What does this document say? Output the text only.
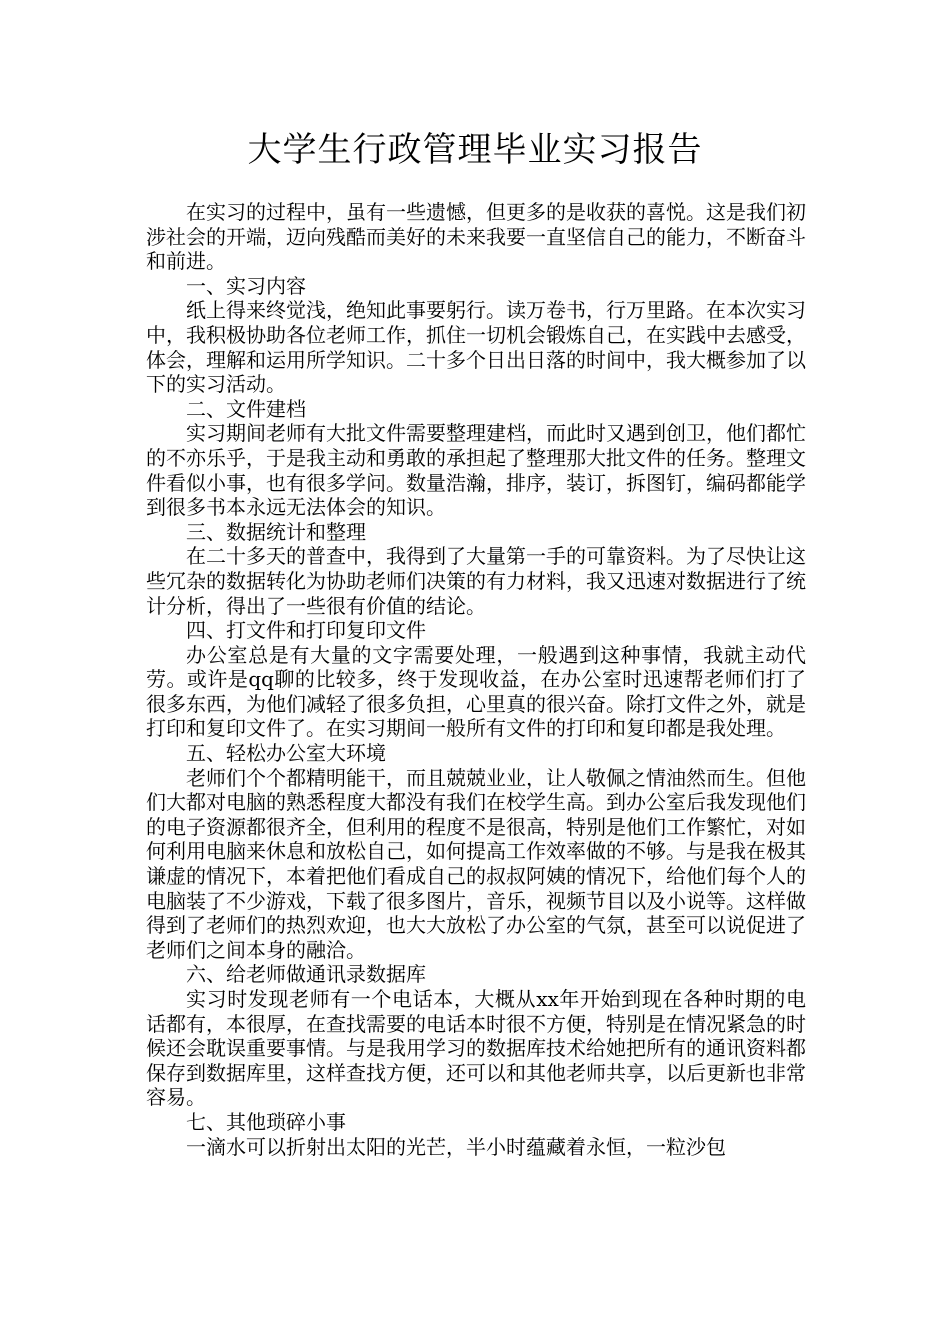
大学生行政管理毕业实习报告

在实习的过程中，虽有一些遗憾，但更多的是收获的喜悦。这是我们初涉社会的开端，迈向残酷而美好的未来我要一直坚信自己的能力，不断奋斗和前进。

一、实习内容

纸上得来终觉浅，绝知此事要躬行。读万卷书，行万里路。在本次实习中，我积极协助各位老师工作，抓住一切机会锻炼自己，在实践中去感受，体会，理解和运用所学知识。二十多个日出日落的时间中，我大概参加了以下的实习活动。

二、文件建档

实习期间老师有大批文件需要整理建档，而此时又遇到创卫，他们都忙的不亦乐乎，于是我主动和勇敢的承担起了整理那大批文件的任务。整理文件看似小事，也有很多学问。数量浩瀚，排序，装订，拆图钉，编码都能学到很多书本永远无法体会的知识。

三、数据统计和整理

在二十多天的普查中，我得到了大量第一手的可靠资料。为了尽快让这些冗杂的数据转化为协助老师们决策的有力材料，我又迅速对数据进行了统计分析，得出了一些很有价值的结论。

四、打文件和打印复印文件

办公室总是有大量的文字需要处理，一般遇到这种事情，我就主动代劳。或许是qq聊的比较多，终于发现收益，在办公室时迅速帮老师们打了很多东西，为他们减轻了很多负担，心里真的很兴奋。除打文件之外，就是打印和复印文件了。在实习期间一般所有文件的打印和复印都是我处理。

五、轻松办公室大环境

老师们个个都精明能干，而且兢兢业业，让人敬佩之情油然而生。但他们大都对电脑的熟悉程度大都没有我们在校学生高。到办公室后我发现他们的电子资源都很齐全，但利用的程度不是很高，特别是他们工作繁忙，对如何利用电脑来休息和放松自己，如何提高工作效率做的不够。与是我在极其谦虚的情况下，本着把他们看成自己的叔叔阿姨的情况下，给他们每个人的电脑装了不少游戏，下载了很多图片，音乐，视频节目以及小说等。这样做得到了老师们的热烈欢迎，也大大放松了办公室的气氛，甚至可以说促进了老师们之间本身的融洽。

六、给老师做通讯录数据库

实习时发现老师有一个电话本，大概从xx年开始到现在各种时期的电话都有，本很厚，在查找需要的电话本时很不方便，特别是在情况紧急的时候还会耽误重要事情。与是我用学习的数据库技术给她把所有的通讯资料都保存到数据库里，这样查找方便，还可以和其他老师共享，以后更新也非常容易。

七、其他琐碎小事

一滴水可以折射出太阳的光芒，半小时蕴藏着永恒，一粒沙包
